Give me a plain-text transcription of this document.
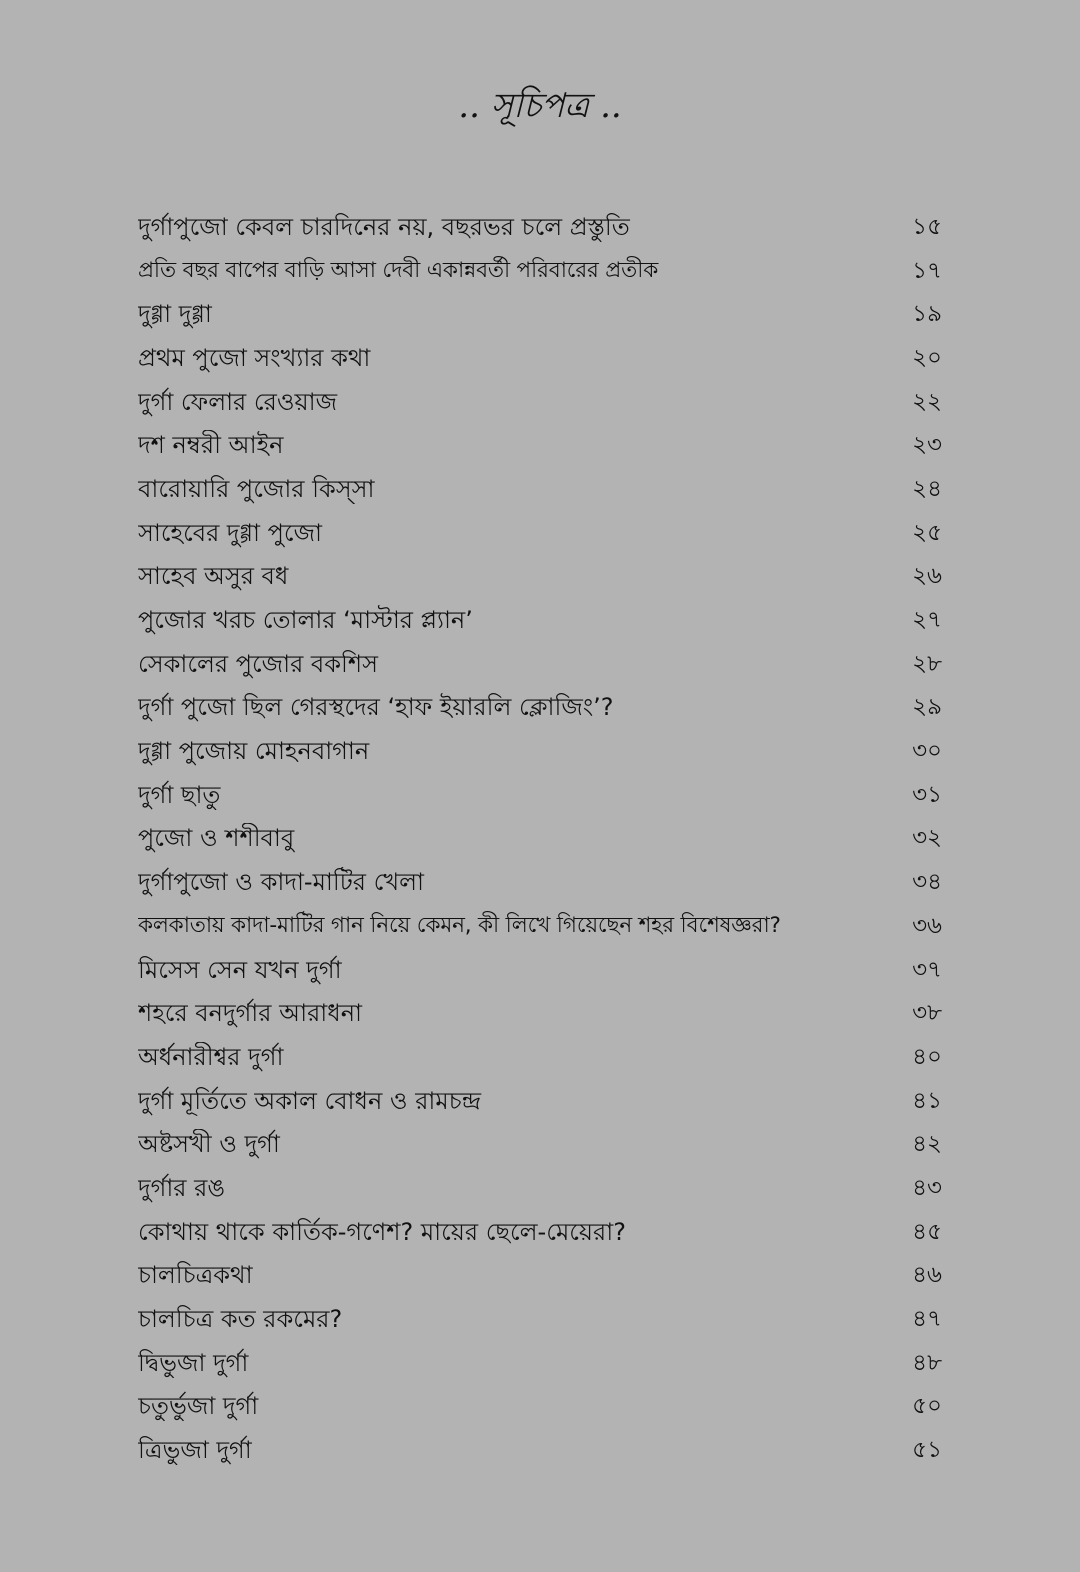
.. সূচিপত্র ..
দুর্গাপুজো কেবল চারদিনের নয়, বছরভর চলে প্রস্তুতি	১৫
প্রতি বছর বাপের বাড়ি আসা দেবী একান্নবর্তী পরিবারের প্রতীক	১৭
দুগ্গা দুগ্গা	১৯
প্রথম পুজো সংখ্যার কথা	২০
দুর্গা ফেলার রেওয়াজ	২২
দশ নম্বরী আইন	২৩
বারোয়ারি পুজোর কিস্‌সা	২৪
সাহেবের দুগ্গা পুজো	২৫
সাহেব অসুর বধ	২৬
পুজোর খরচ তোলার ‘মাস্টার প্ল্যান’	২৭
সেকালের পুজোর বকশিস	২৮
দুর্গা পুজো ছিল গেরস্থদের ‘হাফ ইয়ারলি ক্লোজিং’?	২৯
দুগ্গা পুজোয় মোহনবাগান	৩০
দুর্গা ছাতু	৩১
পুজো ও শশীবাবু	৩২
দুর্গাপুজো ও কাদা-মাটির খেলা	৩৪
কলকাতায় কাদা-মাটির গান নিয়ে কেমন, কী লিখে গিয়েছেন শহর বিশেষজ্ঞরা?	৩৬
মিসেস সেন যখন দুর্গা	৩৭
শহরে বনদুর্গার আরাধনা	৩৮
অর্ধনারীশ্বর দুর্গা	৪০
দুর্গা মূর্তিতে অকাল বোধন ও রামচন্দ্র	৪১
অষ্টসখী ও দুর্গা	৪২
দুর্গার রঙ	৪৩
কোথায় থাকে কার্তিক-গণেশ? মায়ের ছেলে-মেয়েরা?	৪৫
চালচিত্রকথা	৪৬
চালচিত্র কত রকমের?	৪৭
দ্বিভুজা দুর্গা	৪৮
চতুর্ভুজা দুর্গা	৫০
ত্রিভুজা দুর্গা	৫১
